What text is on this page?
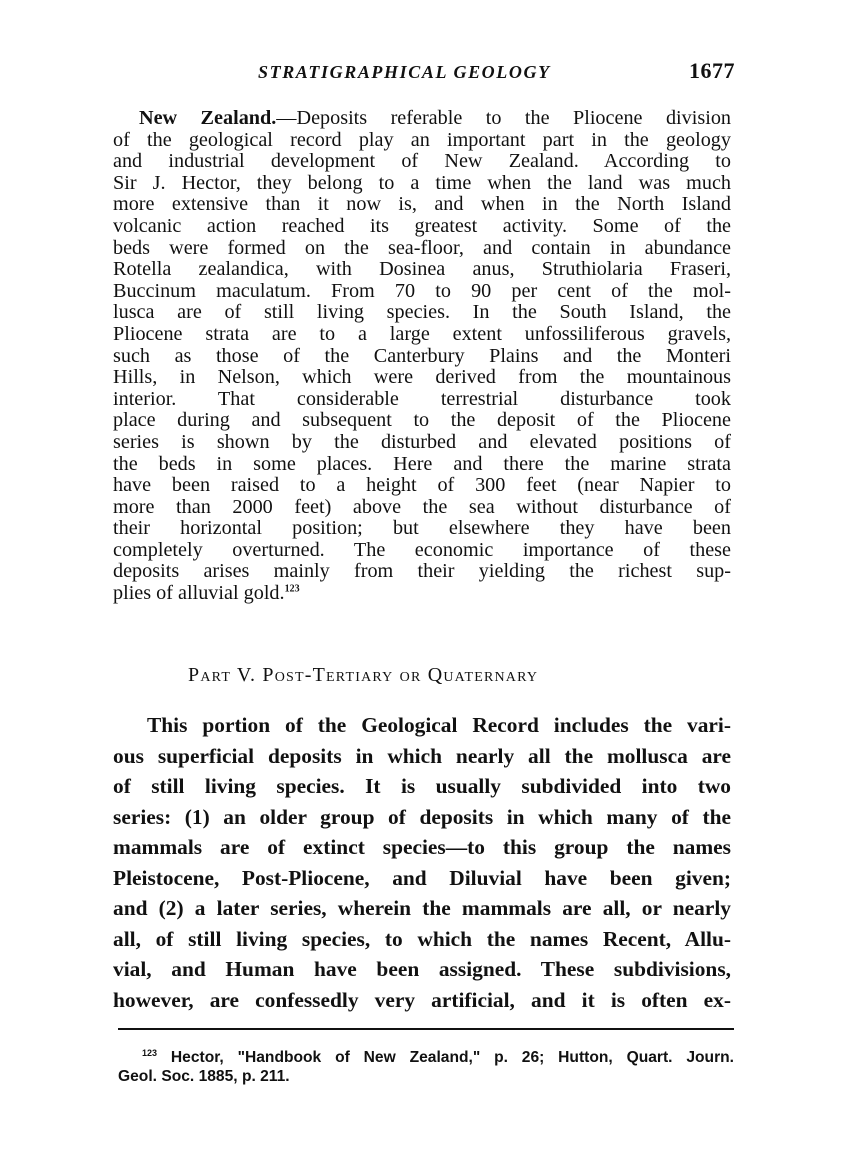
STRATIGRAPHICAL GEOLOGY	1677
New Zealand.—Deposits referable to the Pliocene division
of the geological record play an important part in the geology
and industrial development of New Zealand. According to
Sir J. Hector, they belong to a time when the land was much
more extensive than it now is, and when in the North Island
volcanic action reached its greatest activity. Some of the
beds were formed on the sea-floor, and contain in abundance
Rotella zealandica, with Dosinea anus, Struthiolaria Fraseri,
Buccinum maculatum. From 70 to 90 per cent of the mol-
lusca are of still living species. In the South Island, the
Pliocene strata are to a large extent unfossiliferous gravels,
such as those of the Canterbury Plains and the Monteri
Hills, in Nelson, which were derived from the mountainous
interior. That considerable terrestrial disturbance took
place during and subsequent to the deposit of the Pliocene
series is shown by the disturbed and elevated positions of
the beds in some places. Here and there the marine strata
have been raised to a height of 300 feet (near Napier to
more than 2000 feet) above the sea without disturbance of
their horizontal position; but elsewhere they have been
completely overturned. The economic importance of these
deposits arises mainly from their yielding the richest sup-
plies of alluvial gold.$^{123}$
Part V. Post-Tertiary or Quaternary
This portion of the Geological Record includes the vari-
ous superficial deposits in which nearly all the mollusca are
of still living species. It is usually subdivided into two
series: (1) an older group of deposits in which many of the
mammals are of extinct species—to this group the names
Pleistocene, Post-Pliocene, and Diluvial have been given;
and (2) a later series, wherein the mammals are all, or nearly
all, of still living species, to which the names Recent, Allu-
vial, and Human have been assigned. These subdivisions,
however, are confessedly very artificial, and it is often ex-
$^{123}$ Hector, "Handbook of New Zealand," p. 26; Hutton, Quart. Journ.
Geol. Soc. 1885, p. 211.
